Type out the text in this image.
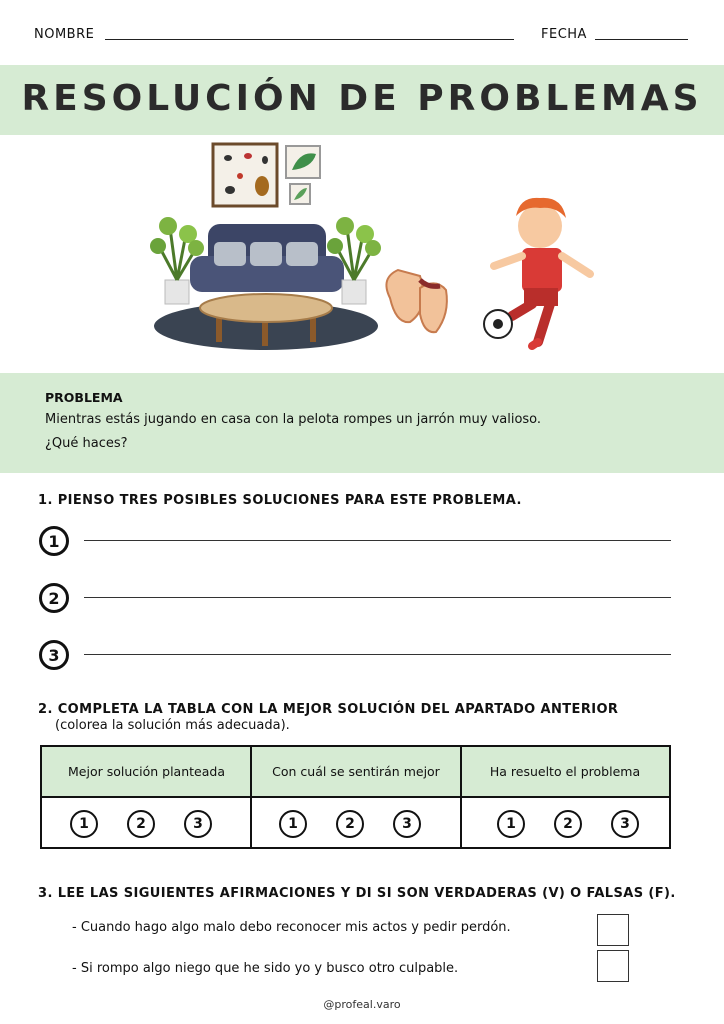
NOMBRE	FECHA
RESOLUCIÓN DE PROBLEMAS
PROBLEMA
Mientras estás jugando en casa con la pelota rompes un jarrón muy valioso.
¿Qué haces?
1. PIENSO TRES POSIBLES SOLUCIONES PARA ESTE PROBLEMA.
1
2
3
2. COMPLETA LA TABLA CON LA MEJOR SOLUCIÓN DEL APARTADO ANTERIOR
(colorea la solución más adecuada).
Mejor solución planteada	Con cuál se sentirán mejor	Ha resuelto el problema
1	2	3	1	2	3	1	2	3
3. LEE LAS SIGUIENTES AFIRMACIONES Y DI SI SON VERDADERAS (V) O FALSAS (F).
- Cuando hago algo malo debo reconocer mis actos y pedir perdón.
- Si rompo algo niego que he sido yo y busco otro culpable.
@profeal.varo
